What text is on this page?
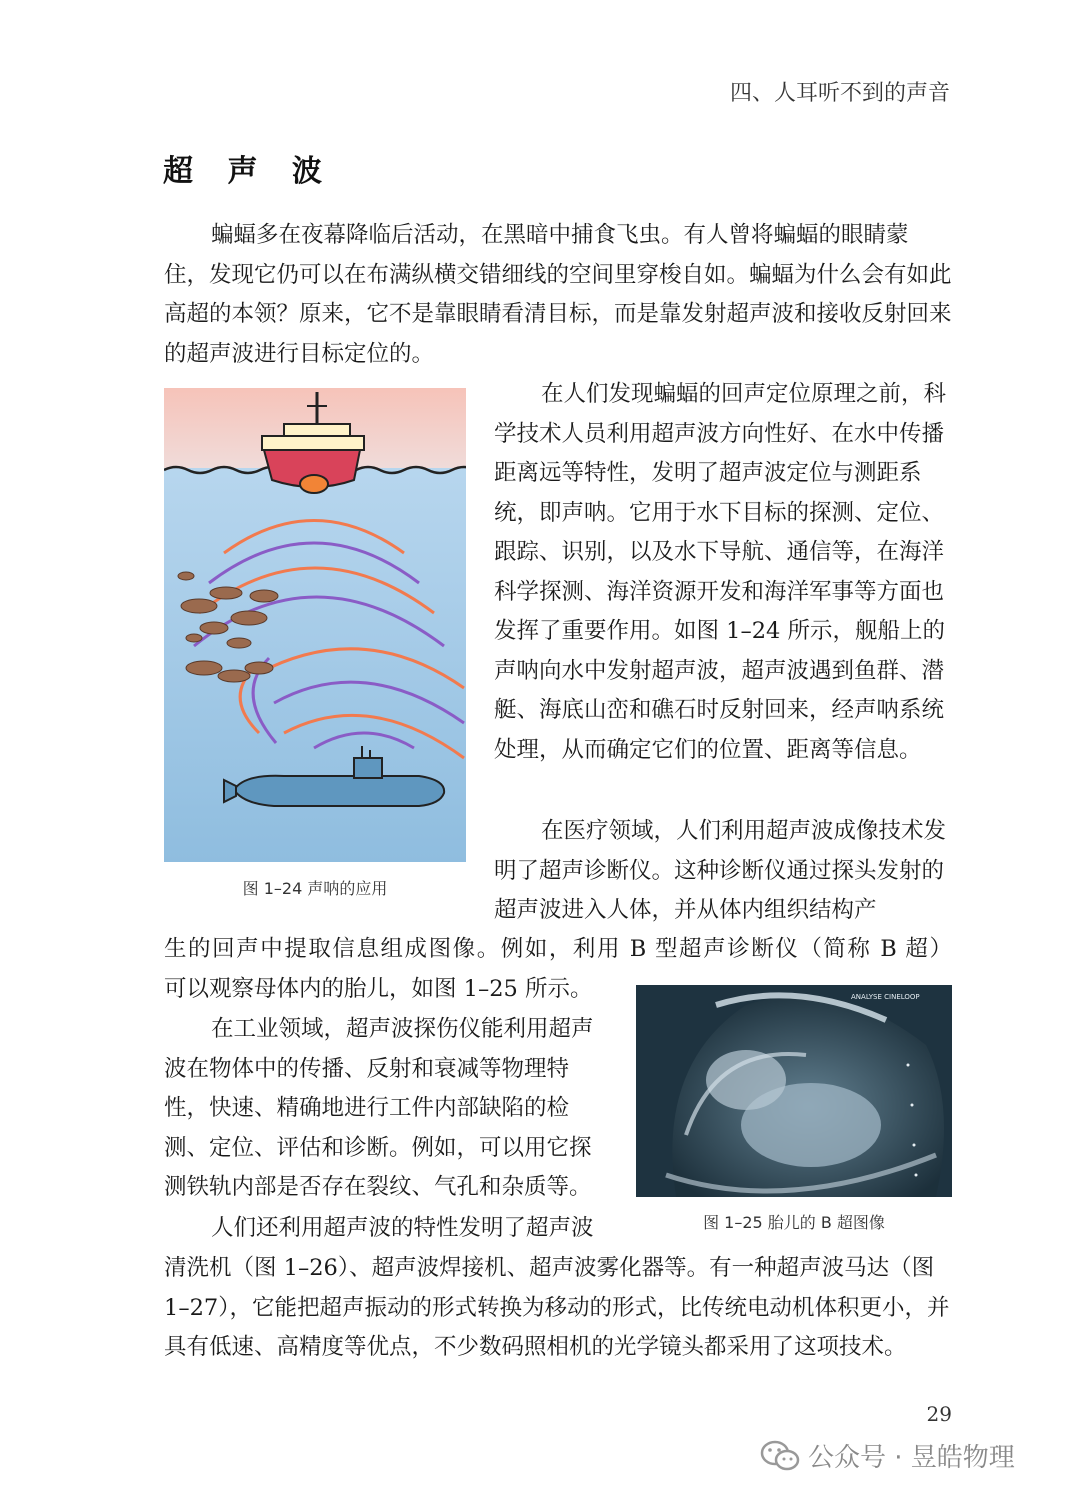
四、人耳听不到的声音
超 声 波

蝙蝠多在夜幕降临后活动，在黑暗中捕食飞虫。有人曾将蝙蝠的眼睛蒙住，发现它仍可以在布满纵横交错细线的空间里穿梭自如。蝙蝠为什么会有如此高超的本领？原来，它不是靠眼睛看清目标，而是靠发射超声波和接收反射回来的超声波进行目标定位的。

图 1–24 声呐的应用

在人们发现蝙蝠的回声定位原理之前，科学技术人员利用超声波方向性好、在水中传播距离远等特性，发明了超声波定位与测距系统，即声呐。它用于水下目标的探测、定位、跟踪、识别，以及水下导航、通信等，在海洋科学探测、海洋资源开发和海洋军事等方面也发挥了重要作用。如图 1–24 所示，舰船上的声呐向水中发射超声波，超声波遇到鱼群、潜艇、海底山峦和礁石时反射回来，经声呐系统处理，从而确定它们的位置、距离等信息。

在医疗领域，人们利用超声波成像技术发明了超声诊断仪。这种诊断仪通过探头发射的超声波进入人体，并从体内组织结构产

生的回声中提取信息组成图像。例如，利用 B 型超声诊断仪（简称 B 超）

可以观察母体内的胎儿，如图 1–25 所示。	ANALYSE CINELOOP
图 1–25 胎儿的 B 超图像

在工业领域，超声波探伤仪能利用超声波在物体中的传播、反射和衰减等物理特性，快速、精确地进行工件内部缺陷的检测、定位、评估和诊断。例如，可以用它探测铁轨内部是否存在裂纹、气孔和杂质等。

人们还利用超声波的特性发明了超声波

清洗机（图 1–26）、超声波焊接机、超声波雾化器等。有一种超声波马达（图 1–27），它能把超声振动的形式转换为移动的形式，比传统电动机体积更小，并具有低速、高精度等优点，不少数码照相机的光学镜头都采用了这项技术。

29
公众号 · 昱皓物理
